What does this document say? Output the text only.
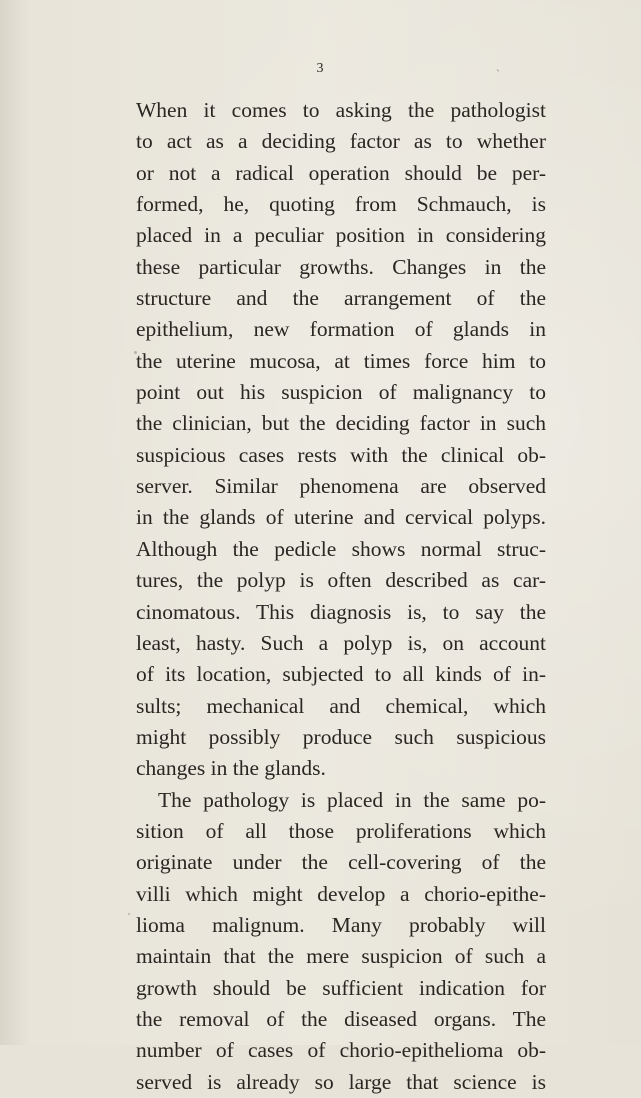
3	ˎ
When it comes to asking the pathologist
to act as a deciding factor as to whether
or not a radical operation should be per-
formed, he, quoting from Schmauch, is
placed in a peculiar position in considering
these particular growths. Changes in the
structure and the arrangement of the
epithelium, new formation of glands in
the uterine mucosa, at times force him to
point out his suspicion of malignancy to
the clinician, but the deciding factor in such
suspicious cases rests with the clinical ob-
server. Similar phenomena are observed
in the glands of uterine and cervical polyps.
Although the pedicle shows normal struc-
tures, the polyp is often described as car-
cinomatous. This diagnosis is, to say the
least, hasty. Such a polyp is, on account
of its location, subjected to all kinds of in-
sults; mechanical and chemical, which
might possibly produce such suspicious
changes in the glands.
The pathology is placed in the same po-
sition of all those proliferations which
originate under the cell-covering of the
villi which might develop a chorio-epithe-
lioma malignum. Many probably will
maintain that the mere suspicion of such a
growth should be sufficient indication for
the removal of the diseased organs. The
number of cases of chorio-epithelioma ob-
served is already so large that science is
